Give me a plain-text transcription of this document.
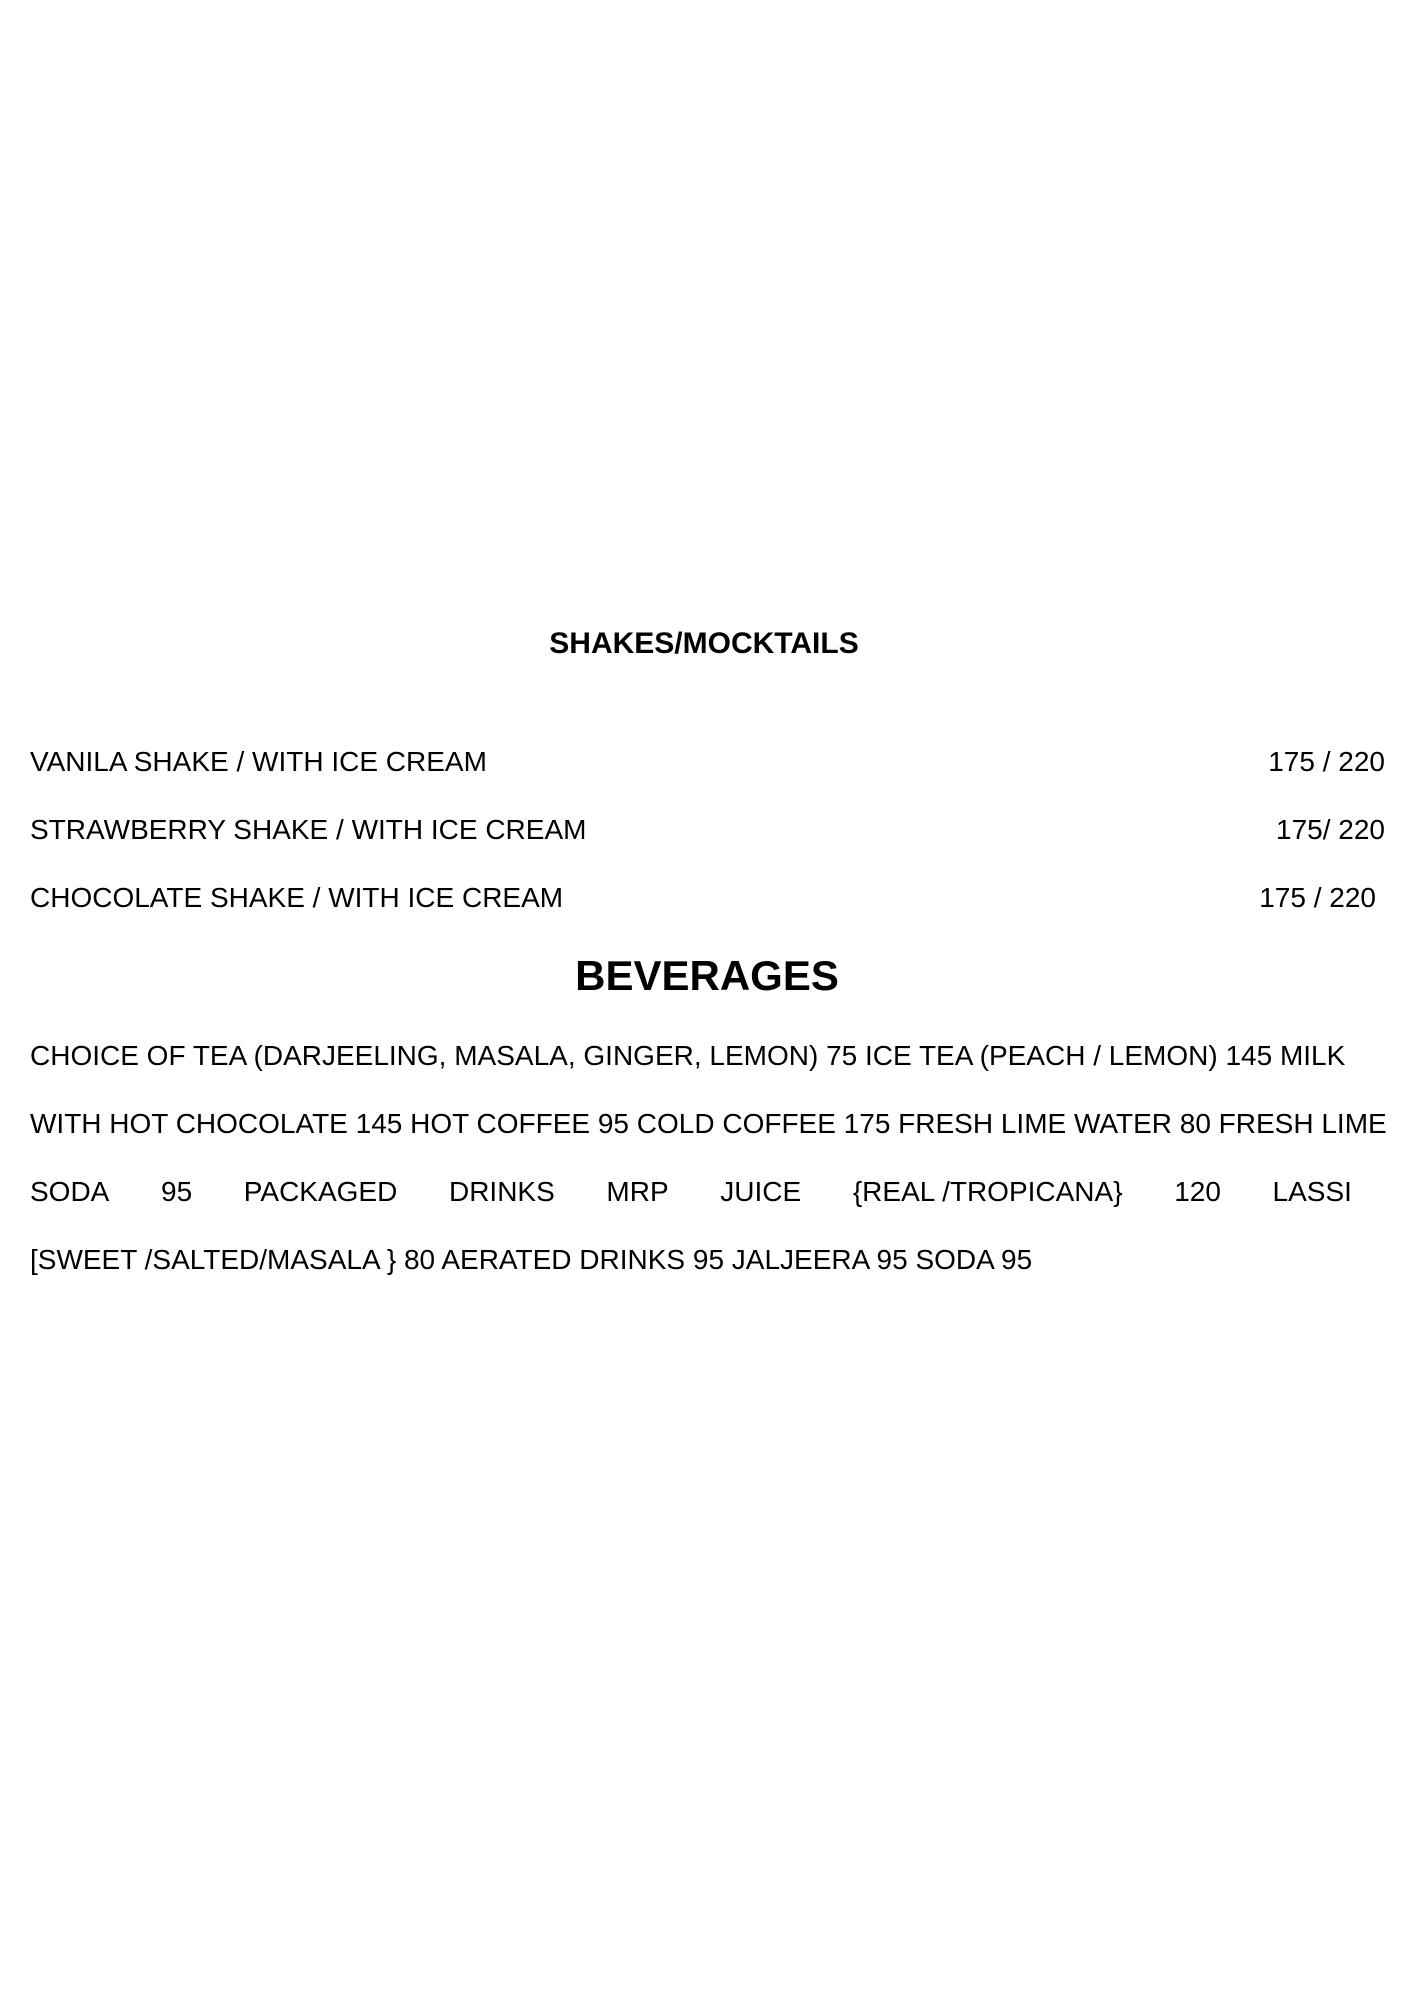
SHAKES/MOCKTAILS
VANILA SHAKE / WITH ICE CREAM	175 / 220
STRAWBERRY SHAKE / WITH ICE CREAM	175/ 220
CHOCOLATE SHAKE / WITH ICE CREAM	175 / 220
BEVERAGES
CHOICE OF TEA (DARJEELING, MASALA, GINGER, LEMON) 75 ICE TEA (PEACH / LEMON) 145 MILK
WITH HOT CHOCOLATE 145 HOT COFFEE 95 COLD COFFEE 175 FRESH LIME WATER 80 FRESH LIME
SODA 95 PACKAGED DRINKS MRP JUICE {REAL /TROPICANA} 120 LASSI
[SWEET /SALTED/MASALA } 80 AERATED DRINKS 95 JALJEERA 95 SODA 95
